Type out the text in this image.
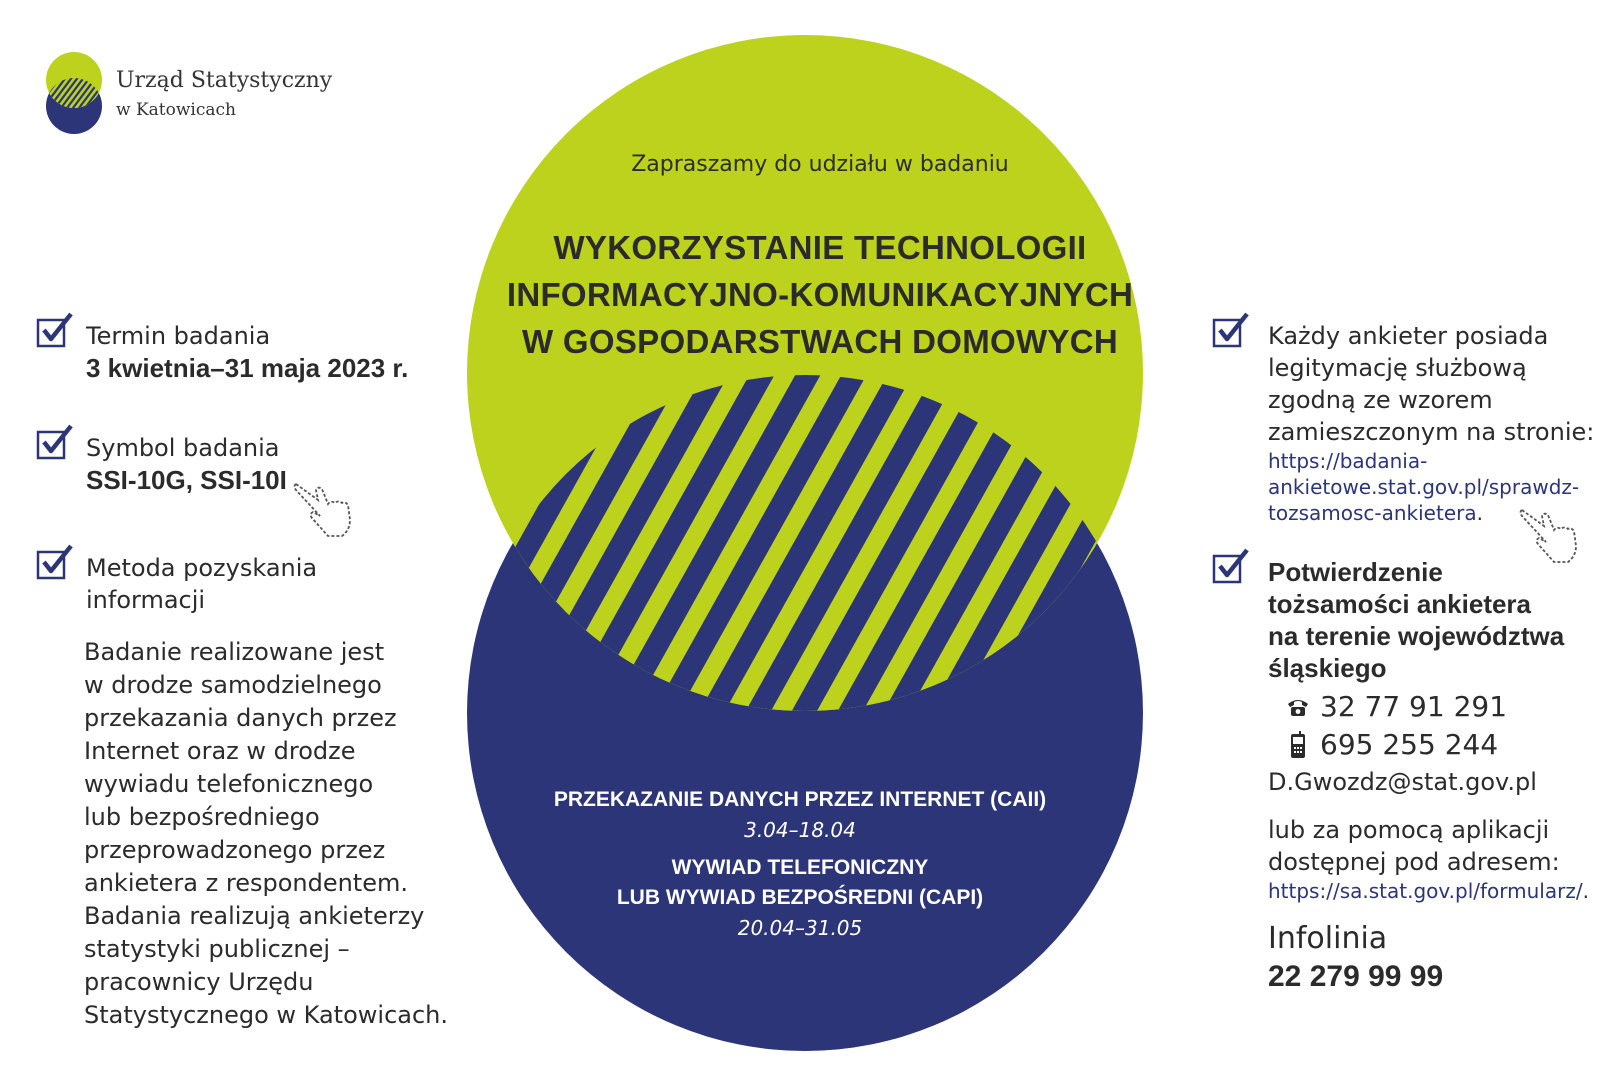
Urząd Statystyczny
w Katowicach
Zapraszamy do udziału w badaniu
WYKORZYSTANIE TECHNOLOGII
INFORMACYJNO-KOMUNIKACYJNYCH
W GOSPODARSTWACH DOMOWYCH
PRZEKAZANIE DANYCH PRZEZ INTERNET (CAII)
3.04–18.04
WYWIAD TELEFONICZNY
LUB WYWIAD BEZPOŚREDNI (CAPI)
20.04–31.05
Termin badania
3 kwietnia–31 maja 2023 r.
Symbol badania
SSI-10G, SSI-10I
Metoda pozyskania
informacji
Badanie realizowane jest
w drodze samodzielnego
przekazania danych przez
Internet oraz w drodze
wywiadu telefonicznego
lub bezpośredniego
przeprowadzonego przez
ankietera z respondentem.
Badania realizują ankieterzy
statystyki publicznej –
pracownicy Urzędu
Statystycznego w Katowicach.
Każdy ankieter posiada
legitymację służbową
zgodną ze wzorem
zamieszczonym na stronie:
https://badania-
ankietowe.stat.gov.pl/sprawdz-
tozsamosc-ankietera.
Potwierdzenie
tożsamości ankietera
na terenie województwa
śląskiego
32 77 91 291
695 255 244
D.Gwozdz@stat.gov.pl
lub za pomocą aplikacji
dostępnej pod adresem:
https://sa.stat.gov.pl/formularz/.
Infolinia
22 279 99 99
